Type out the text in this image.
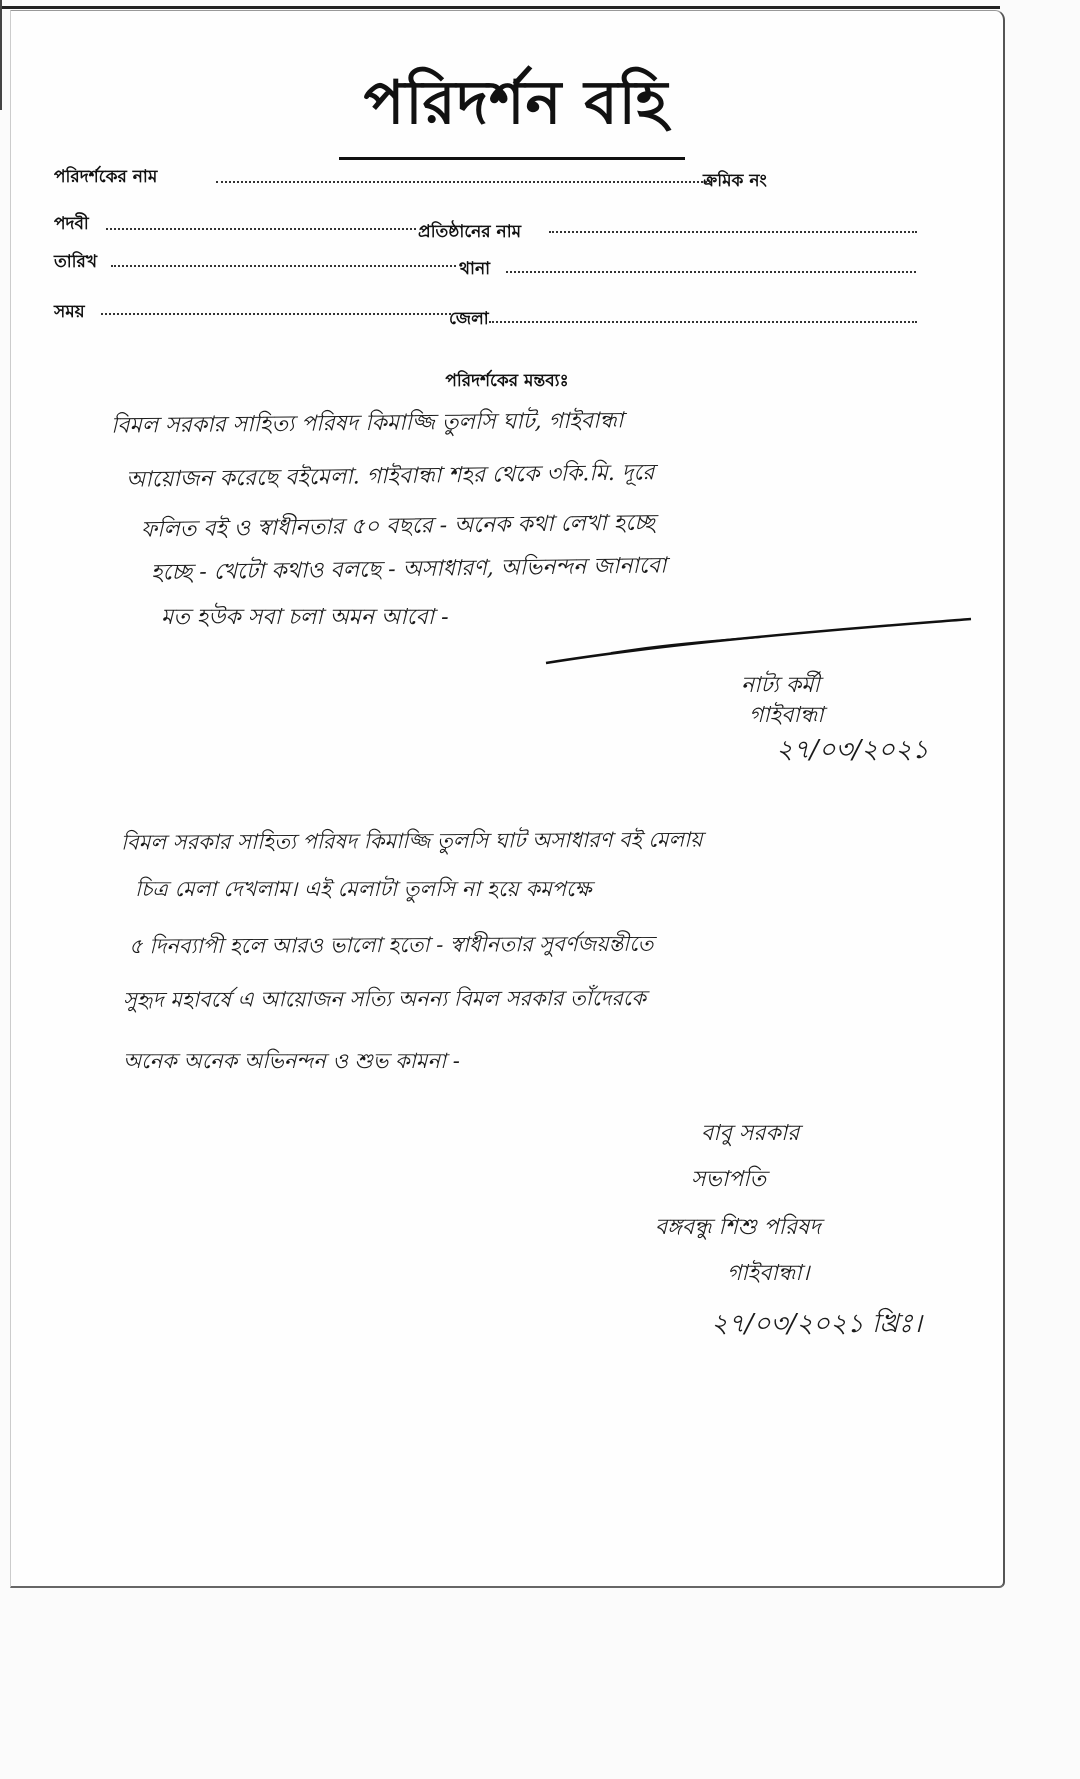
পরিদর্শন বহি
পরিদর্শকের নাম	ক্রমিক নং
পদবী	প্রতিষ্ঠানের নাম
তারিখ	থানা
সময়	জেলা
পরিদর্শকের মন্তব্যঃ
বিমল সরকার সাহিত্য পরিষদ কিমাজ্জি তুলসি ঘাট, গাইবান্ধা
আয়োজন করেছে বইমেলা. গাইবান্ধা শহর থেকে ৩কি.মি. দূরে
ফলিত বই ও স্বাধীনতার ৫০ বছরে - অনেক কথা লেখা হচ্ছে
হচ্ছে - খেটো কথাও বলছে - অসাধারণ, অভিনন্দন জানাবো
মত হউক সবা চলা অমন আবো -
নাট্য কর্মী
গাইবান্ধা
২৭/০৩/২০২১
বিমল সরকার সাহিত্য পরিষদ কিমাজ্জি তুলসি ঘাট অসাধারণ বই মেলায়
চিত্র মেলা দেখলাম। এই মেলাটা তুলসি না হয়ে কমপক্ষে
৫ দিনব্যাপী হলে আরও ভালো হতো - স্বাধীনতার সুবর্ণজয়ন্তীতে
সুহৃদ মহাবর্ষে এ আয়োজন সত্যি অনন্য বিমল সরকার তাঁদেরকে
অনেক অনেক অভিনন্দন ও শুভ কামনা -
বাবু সরকার
সভাপতি
বঙ্গবন্ধু শিশু পরিষদ
গাইবান্ধা।
২৭/০৩/২০২১ খ্রিঃ।
